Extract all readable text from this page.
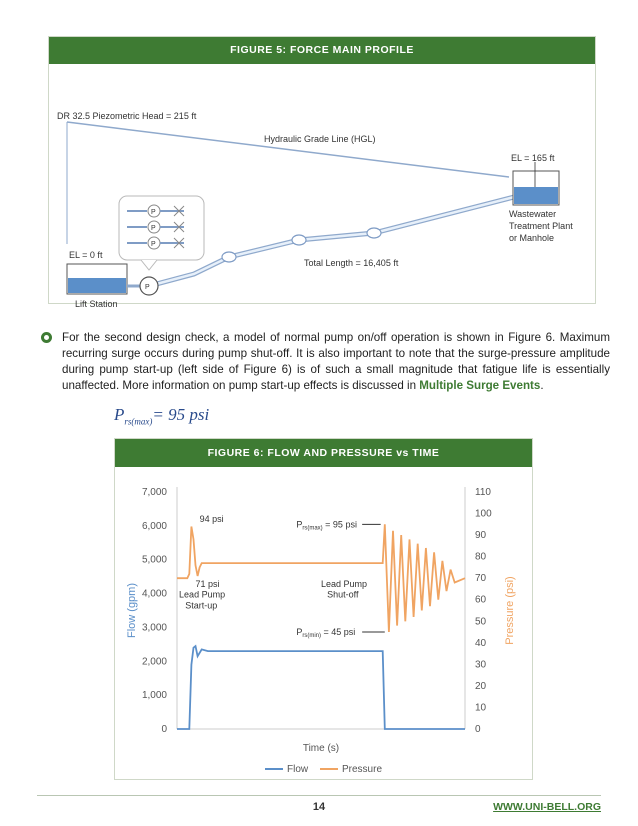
FIGURE 5: FORCE MAIN PROFILE
DR 32.5 Piezometric Head = 215 ft
Hydraulic Grade Line (HGL)
Total Length = 16,405 ft
P
P
P
EL = 0 ft
P
Lift Station
EL = 165 ft
Wastewater
Treatment Plant
or Manhole
For the second design check, a model of normal pump on/off operation is shown in Figure 6. Maximum recurring surge occurs during pump shut-off. It is also important to note that the surge-pressure amplitude during pump start-up (left side of Figure 6) is of such a small magnitude that fatigue life is essentially unaffected. More information on pump start-up effects is discussed in Multiple Surge Events.
$P_{rs(max)}= 95$ psi
FIGURE 6: FLOW AND PRESSURE vs TIME
0
1,000
2,000
3,000
4,000
5,000
6,000
7,000
0
10
20
30
40
50
60
70
80
90
100
110
Flow (gpm)	Pressure (psi)
Time (s)
94 psi
71 psi
Lead Pump
Start-up
Lead Pump
Shut-off
$P_{rs(max)} = 95$ psi
$P_{rs(min)} = 45$ psi
Flow	Pressure
14	WWW.UNI-BELL.ORG
